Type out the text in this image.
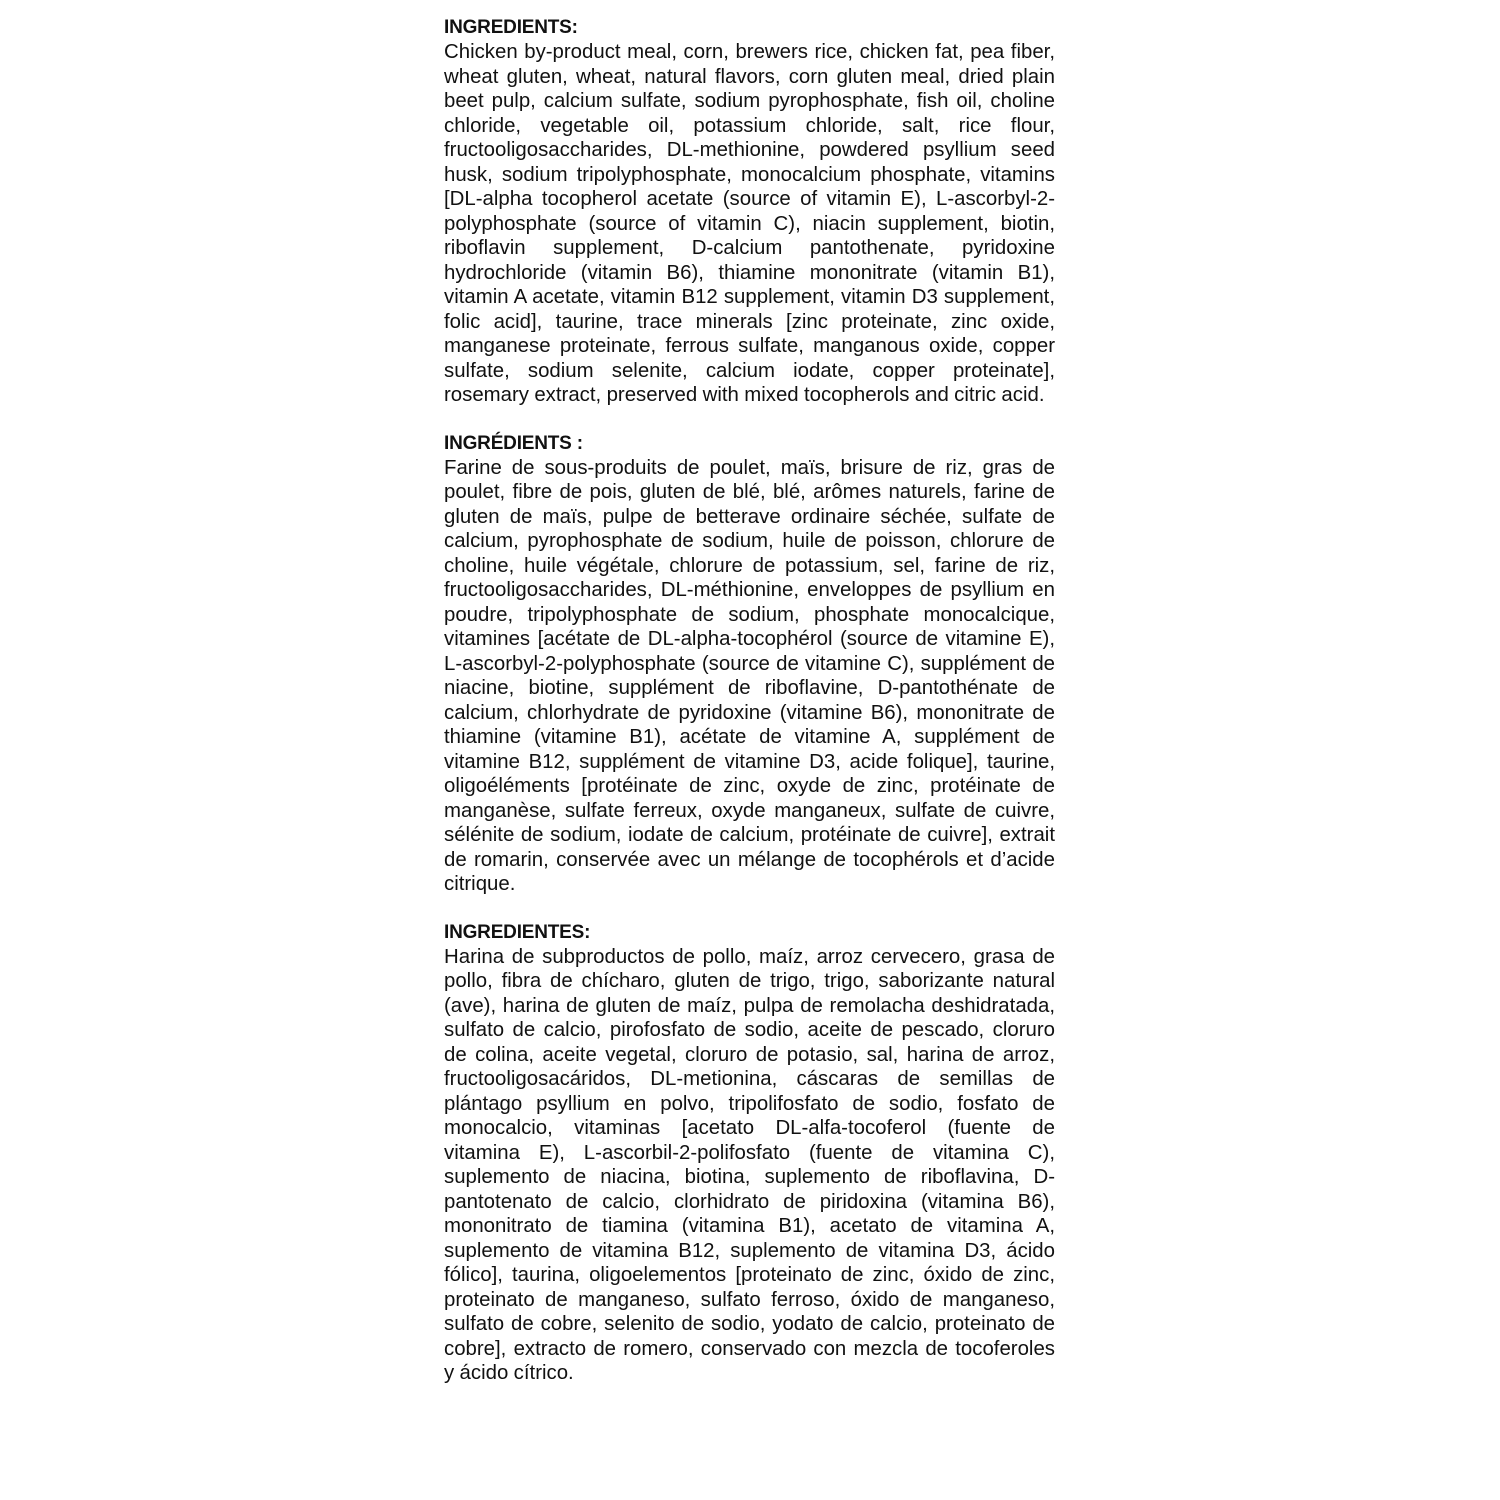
INGREDIENTS:

Chicken by-product meal, corn, brewers rice, chicken fat, pea fiber, wheat gluten, wheat, natural flavors, corn gluten meal, dried plain beet pulp, calcium sulfate, sodium pyrophosphate, fish oil, choline chloride, vegetable oil, potassium chloride, salt, rice flour, fructooligosaccharides, DL-methionine, powdered psyllium seed husk, sodium tripolyphosphate, monocalcium phosphate, vitamins [DL-alpha tocopherol acetate (source of vitamin E), L-ascorbyl-2-polyphosphate (source of vitamin C), niacin supplement, biotin, riboflavin supplement, D-calcium pantothenate, pyridoxine hydrochloride (vitamin B6), thiamine mononitrate (vitamin B1), vitamin A acetate, vitamin B12 supplement, vitamin D3 supplement, folic acid], taurine, trace minerals [zinc proteinate, zinc oxide, manganese proteinate, ferrous sulfate, manganous oxide, copper sulfate, sodium selenite, calcium iodate, copper proteinate], rosemary extract, preserved with mixed tocopherols and citric acid.

INGRÉDIENTS :

Farine de sous-produits de poulet, maïs, brisure de riz, gras de poulet, fibre de pois, gluten de blé, blé, arômes naturels, farine de gluten de maïs, pulpe de betterave ordinaire séchée, sulfate de calcium, pyrophosphate de sodium, huile de poisson, chlorure de choline, huile végétale, chlorure de potassium, sel, farine de riz, fructooligosaccharides, DL-méthionine, enveloppes de psyllium en poudre, tripolyphosphate de sodium, phosphate monocalcique, vitamines [acétate de DL-alpha-tocophérol (source de vitamine E), L-ascorbyl-2-polyphosphate (source de vitamine C), supplément de niacine, biotine, supplément de riboflavine, D-pantothénate de calcium, chlorhydrate de pyridoxine (vitamine B6), mononitrate de thiamine (vitamine B1), acétate de vitamine A, supplément de vitamine B12, supplément de vitamine D3, acide folique], taurine, oligoéléments [protéinate de zinc, oxyde de zinc, protéinate de manganèse, sulfate ferreux, oxyde manganeux, sulfate de cuivre, sélénite de sodium, iodate de calcium, protéinate de cuivre], extrait de romarin, conservée avec un mélange de tocophérols et d’acide citrique.

INGREDIENTES:

Harina de subproductos de pollo, maíz, arroz cervecero, grasa de pollo, fibra de chícharo, gluten de trigo, trigo, saborizante natural (ave), harina de gluten de maíz, pulpa de remolacha deshidratada, sulfato de calcio, pirofosfato de sodio, aceite de pescado, cloruro de colina, aceite vegetal, cloruro de potasio, sal, harina de arroz, fructooligosacáridos, DL-metionina, cáscaras de semillas de plántago psyllium en polvo, tripolifosfato de sodio, fosfato de monocalcio, vitaminas [acetato DL-alfa-tocoferol (fuente de vitamina E), L-ascorbil-2-polifosfato (fuente de vitamina C), suplemento de niacina, biotina, suplemento de riboflavina, D-pantotenato de calcio, clorhidrato de piridoxina (vitamina B6), mononitrato de tiamina (vitamina B1), acetato de vitamina A, suplemento de vitamina B12, suplemento de vitamina D3, ácido fólico], taurina, oligoelementos [proteinato de zinc, óxido de zinc, proteinato de manganeso, sulfato ferroso, óxido de manganeso, sulfato de cobre, selenito de sodio, yodato de calcio, proteinato de cobre], extracto de romero, conservado con mezcla de tocoferoles y ácido cítrico.
